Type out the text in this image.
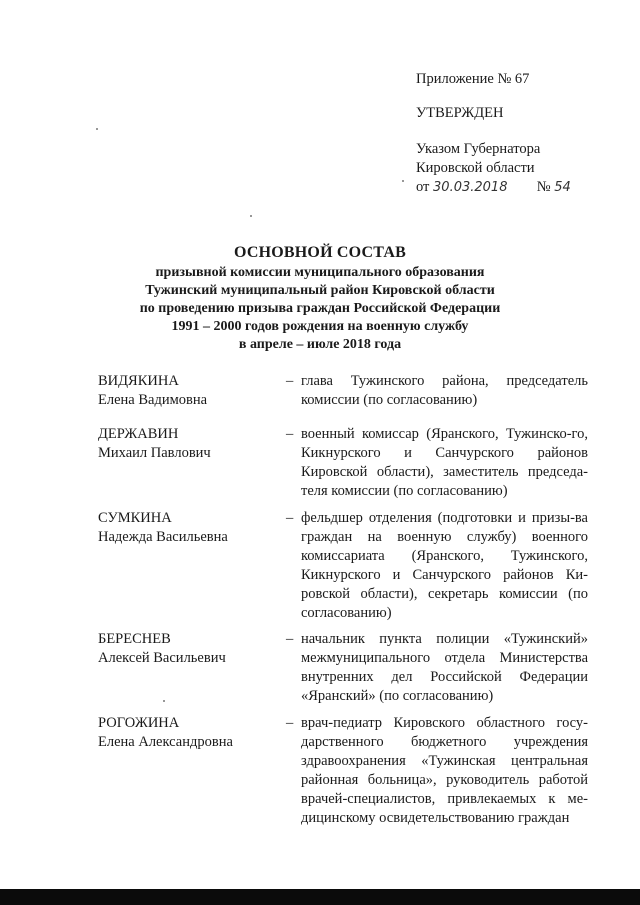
Приложение № 67
УТВЕРЖДЕН
Указом Губернатора
Кировской области
от 30.03.2018 № 54
ОСНОВНОЙ СОСТАВ
призывной комиссии муниципального образования
Тужинский муниципальный район Кировской области
по проведению призыва граждан Российской Федерации
1991 – 2000 годов рождения на военную службу
в апреле – июле 2018 года
ВИДЯКИНА
Елена Вадимовна
– глава Тужинского района, председатель комиссии (по согласованию)
ДЕРЖАВИН
Михаил Павлович
– военный комиссар (Яранского, Тужинско-го, Кикнурского и Санчурского районов Кировской области), заместитель председа-теля комиссии (по согласованию)
СУМКИНА
Надежда Васильевна
– фельдшер отделения (подготовки и призы-ва граждан на военную службу) военного комиссариата (Яранского, Тужинского, Кикнурского и Санчурского районов Ки-ровской области), секретарь комиссии (по согласованию)
БЕРЕСНЕВ
Алексей Васильевич
– начальник пункта полиции «Тужинский» межмуниципального отдела Министерства внутренних дел Российской Федерации «Яранский» (по согласованию)
РОГОЖИНА
Елена Александровна
– врач-педиатр Кировского областного госу-дарственного бюджетного учреждения здравоохранения «Тужинская центральная районная больница», руководитель работой врачей-специалистов, привлекаемых к ме-дицинскому освидетельствованию граждан
